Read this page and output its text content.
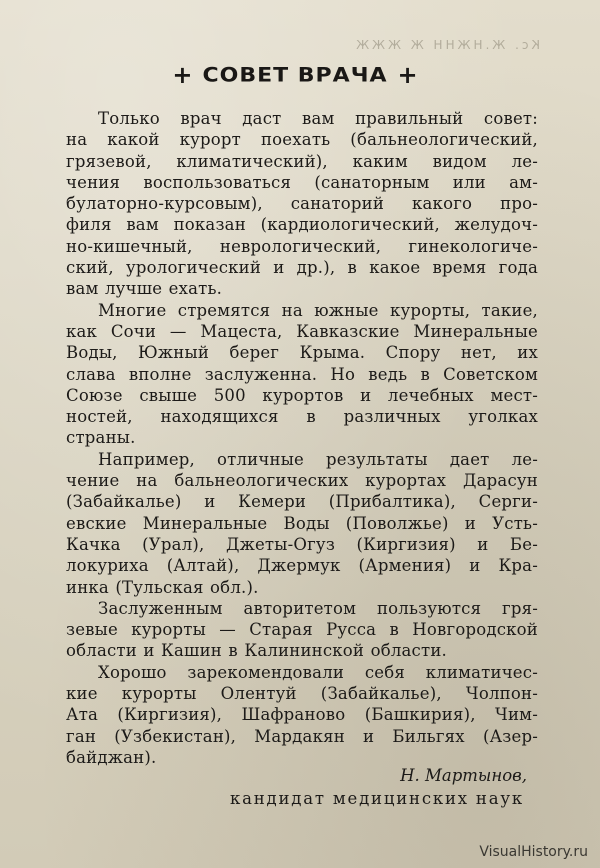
Кс. Ж.НЖНН Ж ЖЖЖ
+ СОВЕТ ВРАЧА +

Только врач даст вам правильный совет:
на какой курорт поехать (бальнеологический,
грязевой, климатический), каким видом ле-
чения воспользоваться (санаторным или ам-
булаторно-курсовым), санаторий какого про-
филя вам показан (кардиологический, желудоч-
но-кишечный, неврологический, гинекологиче-
ский, урологический и др.), в какое время года
вам лучше ехать.

Многие стремятся на южные курорты, такие,
как Сочи — Мацеста, Кавказские Минеральные
Воды, Южный берег Крыма. Спору нет, их
слава вполне заслуженна. Но ведь в Советском
Союзе свыше 500 курортов и лечебных мест-
ностей, находящихся в различных уголках
страны.

Например, отличные результаты дает ле-
чение на бальнеологических курортах Дарасун
(Забайкалье) и Кемери (Прибалтика), Серги-
евские Минеральные Воды (Поволжье) и Усть-
Качка (Урал), Джеты-Огуз (Киргизия) и Бе-
локуриха (Алтай), Джермук (Армения) и Кра-
инка (Тульская обл.).

Заслуженным авторитетом пользуются гря-
зевые курорты — Старая Русса в Новгородской
области и Кашин в Калининской области.

Хорошо зарекомендовали себя климатичес-
кие курорты Олентуй (Забайкалье), Чолпон-
Ата (Киргизия), Шафраново (Башкирия), Чим-
ган (Узбекистан), Мардакян и Бильгях (Азер-
байджан).

Н. Мартынов,
кандидат медицинских наук
VisualHistory.ru
